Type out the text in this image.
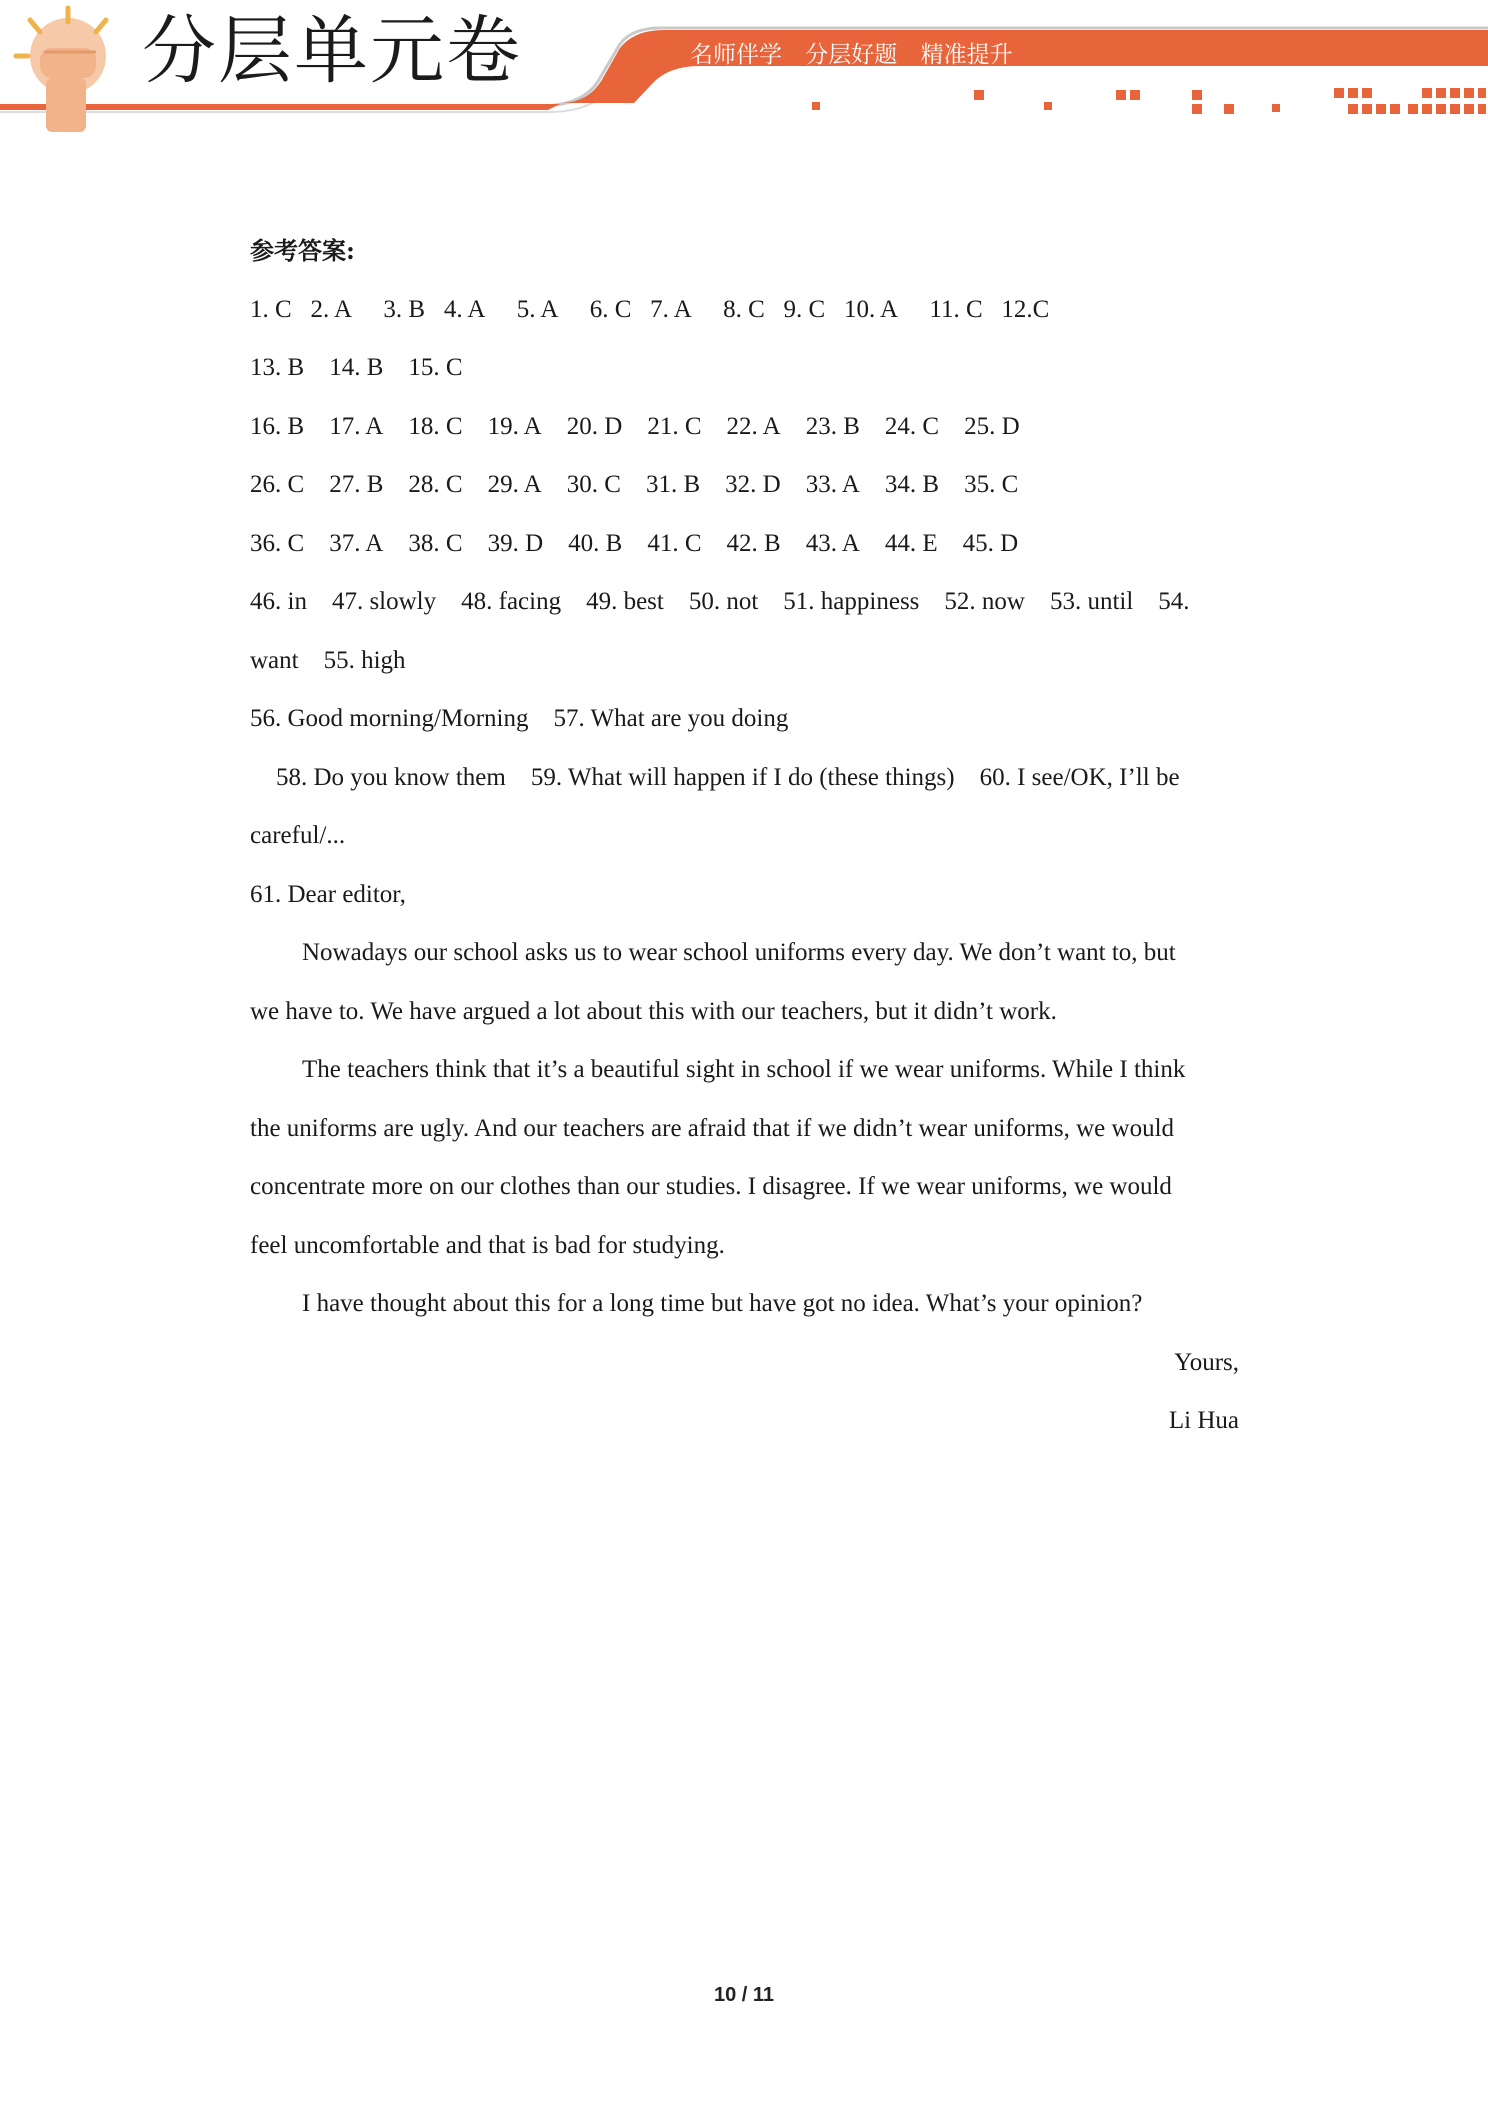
分层单元卷	名师伴学 分层好题 精准提升
参考答案:
1. C 2. A 3. B 4. A 5. A 6. C 7. A 8. C 9. C 10. A 11. C 12.C
13. B 14. B 15. C
16. B 17. A 18. C 19. A 20. D 21. C 22. A 23. B 24. C 25. D
26. C 27. B 28. C 29. A 30. C 31. B 32. D 33. A 34. B 35. C
36. C 37. A 38. C 39. D 40. B 41. C 42. B 43. A 44. E 45. D
46. in    47. slowly    48. facing    49. best    50. not    51. happiness    52. now    53. until    54.
want    55. high
56. Good morning/Morning    57. What are you doing
58. Do you know them    59. What will happen if I do (these things)    60. I see/OK, I’ll be
careful/...
61. Dear editor,
Nowadays our school asks us to wear school uniforms every day. We don’t want to, but
we have to. We have argued a lot about this with our teachers, but it didn’t work.
The teachers think that it’s a beautiful sight in school if we wear uniforms. While I think
the uniforms are ugly. And our teachers are afraid that if we didn’t wear uniforms, we would
concentrate more on our clothes than our studies. I disagree. If we wear uniforms, we would
feel uncomfortable and that is bad for studying.
I have thought about this for a long time but have got no idea. What’s your opinion?
Yours,
Li Hua
10 / 11
